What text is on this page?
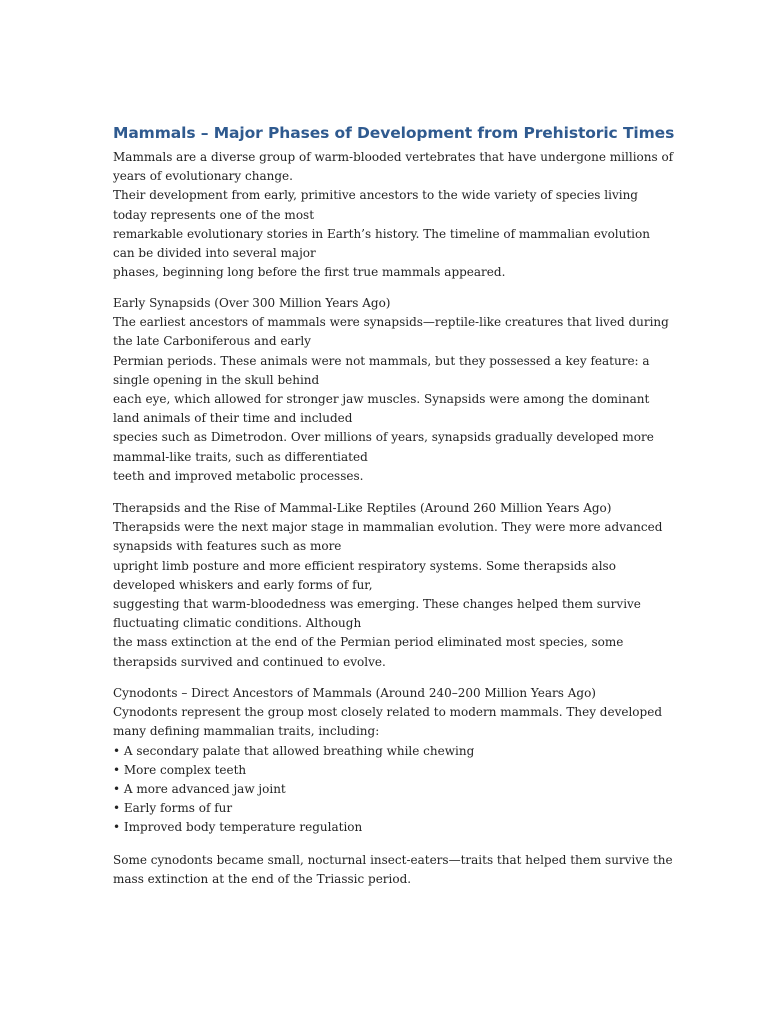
Mammals – Major Phases of Development from Prehistoric Times
Mammals are a diverse group of warm-blooded vertebrates that have undergone millions of
years of evolutionary change.
Their development from early, primitive ancestors to the wide variety of species living
today represents one of the most
remarkable evolutionary stories in Earth’s history. The timeline of mammalian evolution
can be divided into several major
phases, beginning long before the first true mammals appeared.
Early Synapsids (Over 300 Million Years Ago)
The earliest ancestors of mammals were synapsids—reptile-like creatures that lived during
the late Carboniferous and early
Permian periods. These animals were not mammals, but they possessed a key feature: a
single opening in the skull behind
each eye, which allowed for stronger jaw muscles. Synapsids were among the dominant
land animals of their time and included
species such as Dimetrodon. Over millions of years, synapsids gradually developed more
mammal-like traits, such as differentiated
teeth and improved metabolic processes.
Therapsids and the Rise of Mammal-Like Reptiles (Around 260 Million Years Ago)
Therapsids were the next major stage in mammalian evolution. They were more advanced
synapsids with features such as more
upright limb posture and more efficient respiratory systems. Some therapsids also
developed whiskers and early forms of fur,
suggesting that warm-bloodedness was emerging. These changes helped them survive
fluctuating climatic conditions. Although
the mass extinction at the end of the Permian period eliminated most species, some
therapsids survived and continued to evolve.
Cynodonts – Direct Ancestors of Mammals (Around 240–200 Million Years Ago)
Cynodonts represent the group most closely related to modern mammals. They developed
many defining mammalian traits, including:
• A secondary palate that allowed breathing while chewing
• More complex teeth
• A more advanced jaw joint
• Early forms of fur
• Improved body temperature regulation
Some cynodonts became small, nocturnal insect-eaters—traits that helped them survive the
mass extinction at the end of the Triassic period.
